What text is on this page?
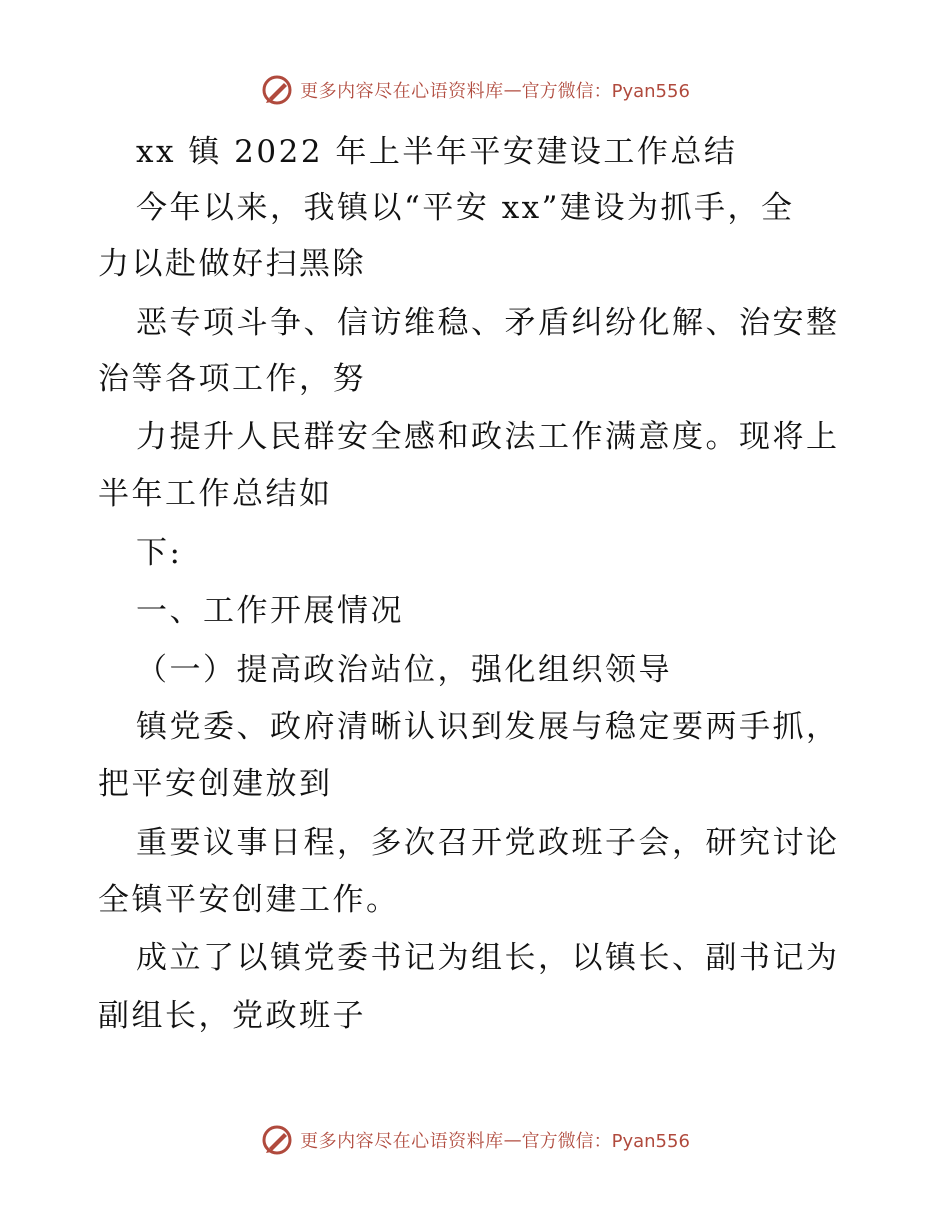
更多内容尽在心语资料库 — 官方微信：Pyan556
xx 镇 2022 年上半年平安建设工作总结
今年以来，我镇以“平安 xx”建设为抓手，全
力以赴做好扫黑除
恶专项斗争、信访维稳、矛盾纠纷化解、治安整
治等各项工作，努
力提升人民群安全感和政法工作满意度。现将上
半年工作总结如
下:
一、工作开展情况
（一）提高政治站位，强化组织领导
镇党委、政府清晰认识到发展与稳定要两手抓，
把平安创建放到
重要议事日程，多次召开党政班子会，研究讨论
全镇平安创建工作。
成立了以镇党委书记为组长，以镇长、副书记为
副组长，党政班子
更多内容尽在心语资料库 — 官方微信：Pyan556
